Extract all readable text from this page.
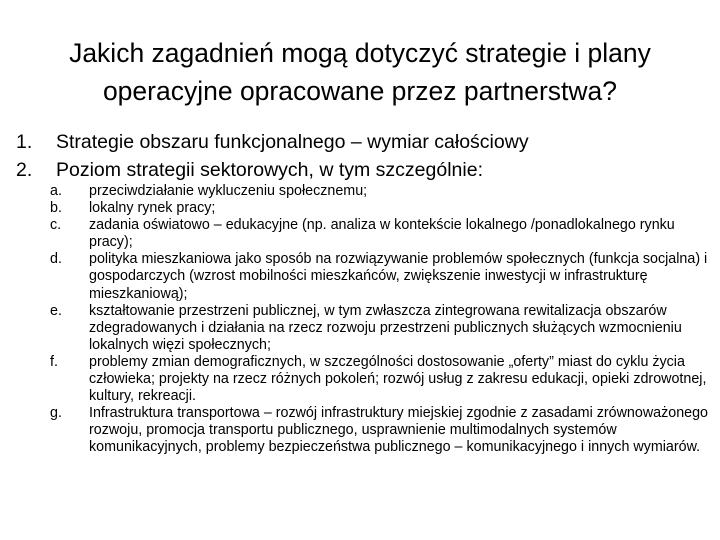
Jakich zagadnień mogą dotyczyć strategie i plany operacyjne opracowane przez partnerstwa?
1.	Strategie obszaru funkcjonalnego – wymiar całościowy
2.	Poziom strategii sektorowych, w tym szczególnie:
a.	przeciwdziałanie wykluczeniu społecznemu;
b.	lokalny rynek pracy;
c.	zadania oświatowo – edukacyjne (np. analiza w kontekście lokalnego /ponadlokalnego rynku pracy);
d.	polityka mieszkaniowa jako sposób na rozwiązywanie problemów społecznych (funkcja socjalna) i gospodarczych (wzrost mobilności mieszkańców, zwiększenie inwestycji w infrastrukturę mieszkaniową);
e.	kształtowanie przestrzeni publicznej, w tym zwłaszcza zintegrowana rewitalizacja obszarów zdegradowanych i działania na rzecz rozwoju przestrzeni publicznych służących wzmocnieniu lokalnych więzi społecznych;
f.	problemy zmian demograficznych, w szczególności dostosowanie „oferty” miast do cyklu życia człowieka; projekty na rzecz różnych pokoleń; rozwój usług z zakresu edukacji, opieki zdrowotnej, kultury, rekreacji.
g.	Infrastruktura transportowa – rozwój infrastruktury miejskiej zgodnie z zasadami zrównoważonego rozwoju, promocja transportu publicznego, usprawnienie multimodalnych systemów komunikacyjnych, problemy bezpieczeństwa publicznego – komunikacyjnego i innych wymiarów.
